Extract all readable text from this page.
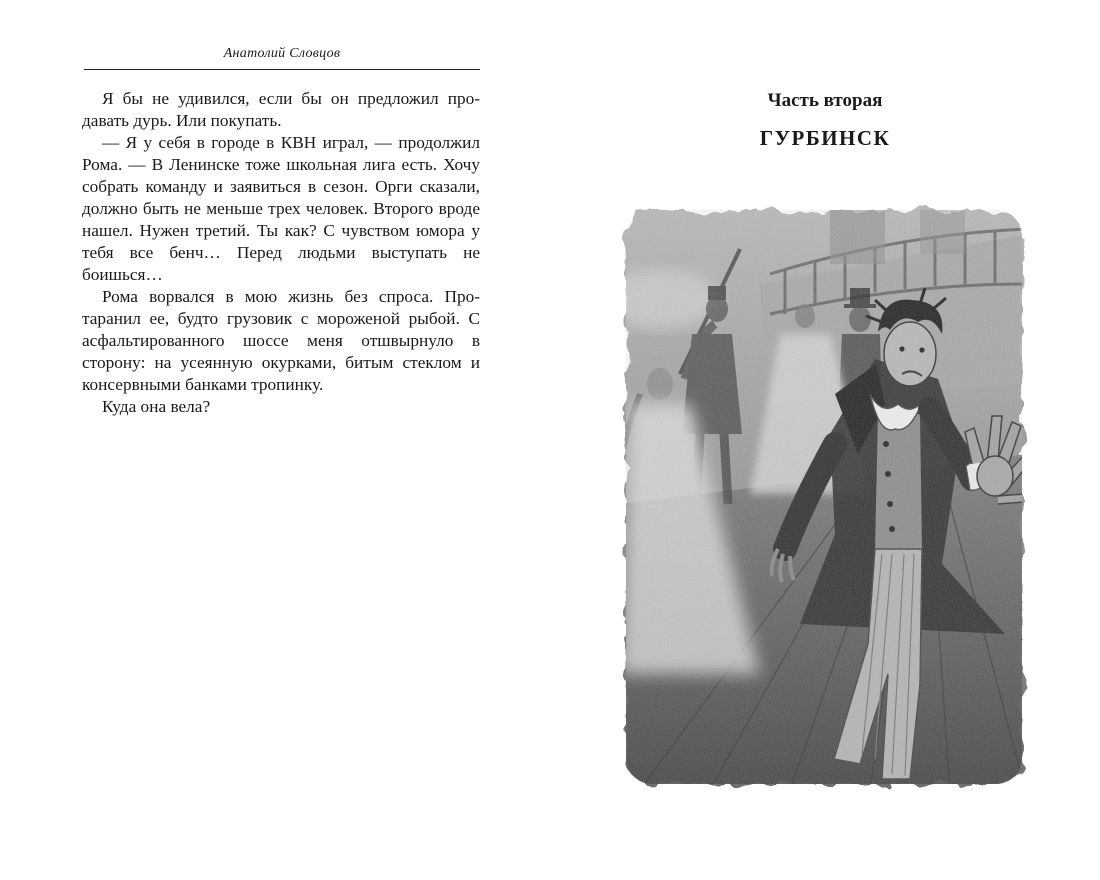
Анатолий Словцов

Я бы не удивился, если бы он предложил продавать дурь. Или покупать.

— Я у себя в городе в КВН играл, — продолжил Рома. — В Ленинске тоже школьная лига есть. Хочу собрать команду и заявиться в сезон. Орги сказали, должно быть не меньше трех человек. Второго вроде нашел. Нужен третий. Ты как? С чувством юмора у тебя все бенч… Перед людьми выступать не боишься…

Рома ворвался в мою жизнь без спроса. Протаранил ее, будто грузовик с мороженой рыбой. С асфальтированного шоссе меня отшвырнуло в сторону: на усеянную окурками, битым стеклом и консервными банками тропинку.

Куда она вела?

Часть вторая
ГУРБИНСК
